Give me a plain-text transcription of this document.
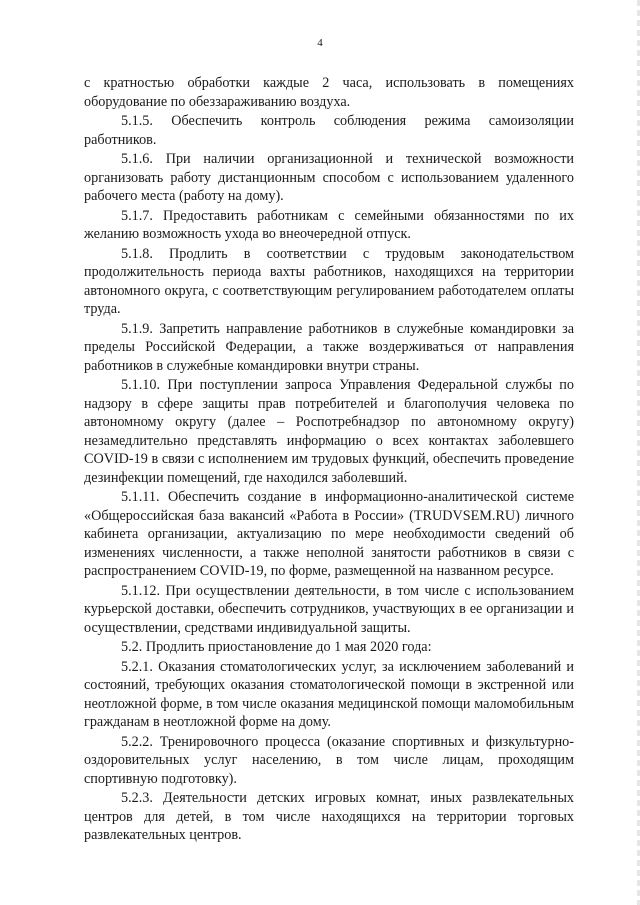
4

с кратностью обработки каждые 2 часа, использовать в помещениях оборудование по обеззараживанию воздуха.

5.1.5. Обеспечить контроль соблюдения режима самоизоляции работников.

5.1.6. При наличии организационной и технической возможности организовать работу дистанционным способом с использованием удаленного рабочего места (работу на дому).

5.1.7. Предоставить работникам с семейными обязанностями по их желанию возможность ухода во внеочередной отпуск.

5.1.8. Продлить в соответствии с трудовым законодательством продолжительность периода вахты работников, находящихся на территории автономного округа, с соответствующим регулированием работодателем оплаты труда.

5.1.9. Запретить направление работников в служебные командировки за пределы Российской Федерации, а также воздерживаться от направления работников в служебные командировки внутри страны.

5.1.10. При поступлении запроса Управления Федеральной службы по надзору в сфере защиты прав потребителей и благополучия человека по автономному округу (далее – Роспотребнадзор по автономному округу) незамедлительно представлять информацию о всех контактах заболевшего COVID-19 в связи с исполнением им трудовых функций, обеспечить проведение дезинфекции помещений, где находился заболевший.

5.1.11. Обеспечить создание в информационно-аналитической системе «Общероссийская база вакансий «Работа в России» (TRUDVSEM.RU) личного кабинета организации, актуализацию по мере необходимости сведений об изменениях численности, а также неполной занятости работников в связи с распространением COVID-19, по форме, размещенной на названном ресурсе.

5.1.12. При осуществлении деятельности, в том числе с использованием курьерской доставки, обеспечить сотрудников, участвующих в ее организации и осуществлении, средствами индивидуальной защиты.

5.2. Продлить приостановление до 1 мая 2020 года:

5.2.1. Оказания стоматологических услуг, за исключением заболеваний и состояний, требующих оказания стоматологической помощи в экстренной или неотложной форме, в том числе оказания медицинской помощи маломобильным гражданам в неотложной форме на дому.

5.2.2. Тренировочного процесса (оказание спортивных и физкультурно-оздоровительных услуг населению, в том числе лицам, проходящим спортивную подготовку).

5.2.3. Деятельности детских игровых комнат, иных развлекательных центров для детей, в том числе находящихся на территории торговых развлекательных центров.
